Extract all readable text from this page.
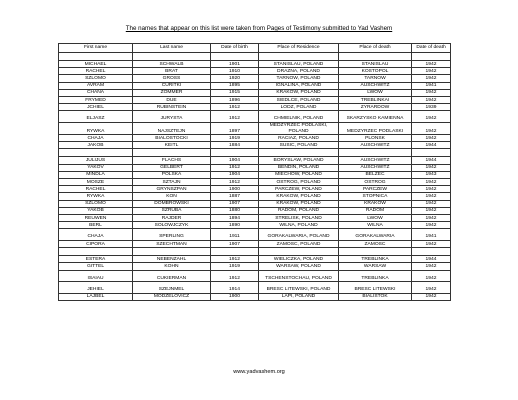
The names that appear on this list were taken from Pages of Testimony submitted to Yad Vashem
First name	Last name	Date of birth	Place of Residence	Place of death	Date of death

MICHAEL	SCHWALB	1901	STANISLAU, POLAND	STANISLAU	1942
RACHEL	BRAT	1910	DRAZNA, POLAND	KOSTOPOL	1942
SZLOMO	GROSS	1920	TARNOW, POLAND	TARNOW	1942
AVRAM	CURITKI	1895	IGNALINA, POLAND	AUSCHWITZ	1941
CHANA	ZOMMER	1915	KRAKOW, POLAND	LWOW	1942
FRYMED	DUE	1896	SIEDLCE, POLAND	TREBLINKAI	1942
JCHIEL	RUBINSTEIN	1912	LODZ, POLAND	ZYRARDOW	1939
ELJASZ	JURYSTA	1912	CHMIELNIK, POLAND	SKARZYSKO KAMIENNA	1942
RYWKA	NAJSZTEJN	1897	MEDZYRZEC PODLASKI, POLAND	MEDZYRZEC PODLASKI	1942
CHAJA	BIALOSTOCKI	1919	RACIAZ, POLAND	PLONSK	1942
JAKOB	KEITL	1884	SUSIC, POLAND	AUSCHWITZ	1944

JULIJUS	FLACHS	1904	BORYSLAW, POLAND	AUSCHWITZ	1944
YAKOV	GELBERT	1912	BENDIN, POLAND	AUSCHWITZ	1942
MINDLA	POLSKA	1904	MIECHOW, POLAND	BELZEC	1943
MOSZE	SZTAJN	1912	OSTROG, POLAND	OSTROG	1942
RACHEL	GRYNSZPAN	1900	PARCZEW, POLAND	PARCZEW	1942
RYWKA	KON	1887	KRAKOW, POLAND	STOPNICA	1942
SZLOMO	DOMBROWSKI	1907	KRAKOW, POLAND	KRAKOW	1942
YAKOB	SZRUBA	1880	RADOM, POLAND	RADOM	1942
REUWEN	RAJDER	1894	STRELISK, POLAND	LWOW	1942
BERL	SOLOWJCZYK	1890	WILNA, POLAND	WILNA	1942
CHAJA	SPERLING	1911	GORAKALWARIA, POLAND	GORAKALWARIA	1941
CIPORA	SZECHTMAN	1907	ZAMOSC, POLAND	ZAMOSC	1942

ESTERA	NEBENZAHL	1912	WIELICZKA, POLAND	TREBLINKA	1944
GITTEL	KOHN	1919	WARSAW, POLAND	WARSAW	1942
ISAIAU	CUKIERMAN	1912	TSCHENSTOCHAU, POLAND	TREBLINKA	1942
JEHIEL	SZEJNMEL	1914	BRESC LITEWSKI, POLAND	BRESC LITEWSKI	1942
LAJBEL	MODZELOVICZ	1900	LAPI, POLAND	BIALISTOK	1942
www.yadvashem.org
